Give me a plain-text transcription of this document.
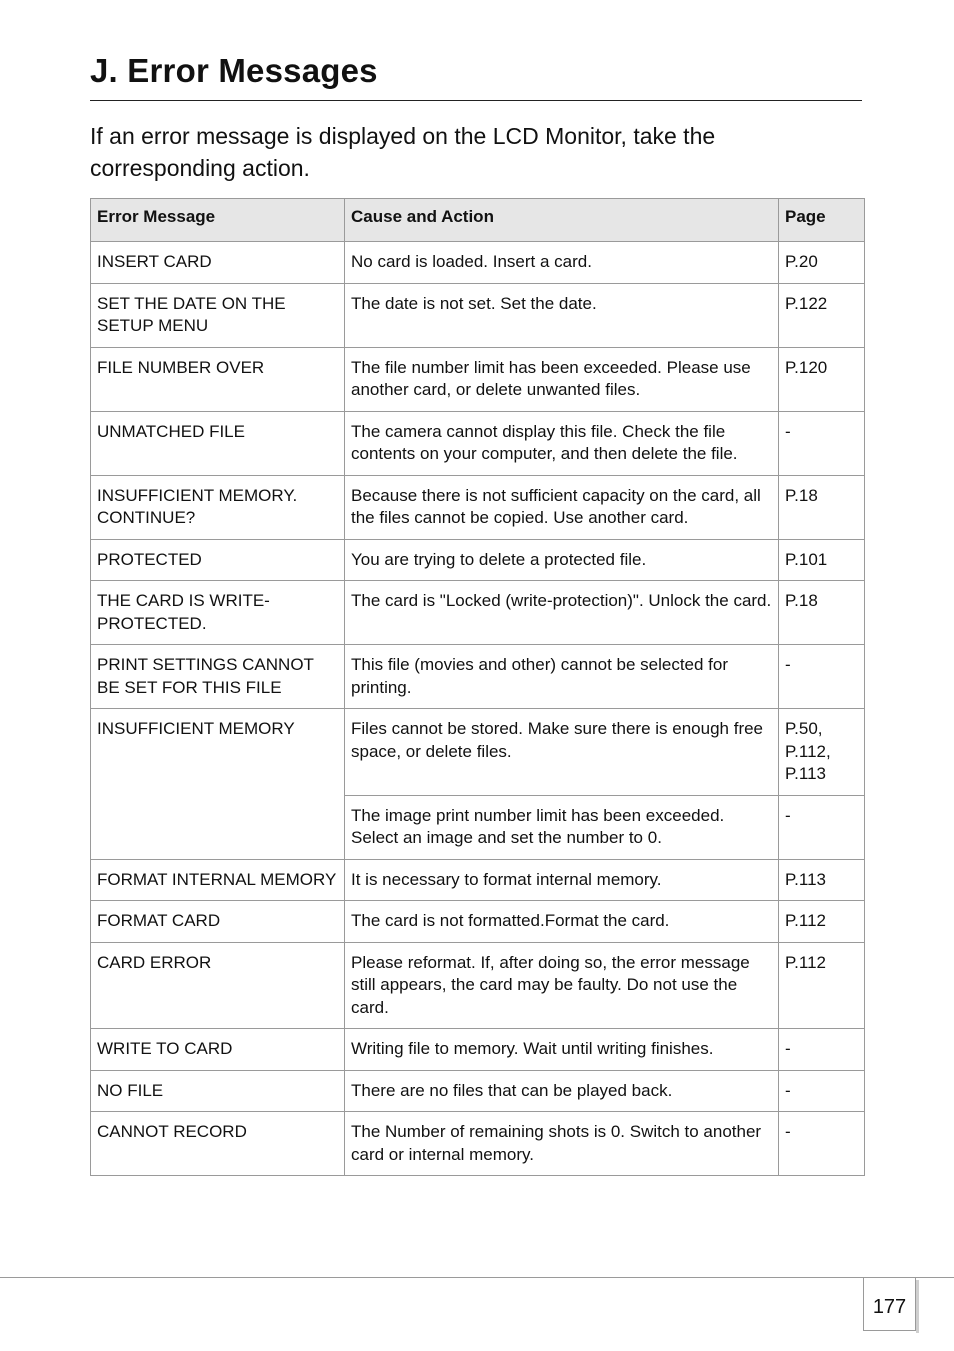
J. Error Messages

If an error message is displayed on the LCD Monitor, take the corresponding action.

Error Message	Cause and Action	Page
INSERT CARD	No card is loaded. Insert a card.	P.20
SET THE DATE ON THE SETUP MENU	The date is not set. Set the date.	P.122
FILE NUMBER OVER	The file number limit has been exceeded. Please use another card, or delete unwanted files.	P.120
UNMATCHED FILE	The camera cannot display this file. Check the file contents on your computer, and then delete the file.	-
INSUFFICIENT MEMORY. CONTINUE?	Because there is not sufficient capacity on the card, all the files cannot be copied. Use another card.	P.18
PROTECTED	You are trying to delete a protected file.	P.101
THE CARD IS WRITE-PROTECTED.	The card is "Locked (write-protection)". Unlock the card.	P.18
PRINT SETTINGS CANNOT BE SET FOR THIS FILE	This file (movies and other) cannot be selected for printing.	-
INSUFFICIENT MEMORY	Files cannot be stored. Make sure there is enough free space, or delete files.	P.50, P.112, P.113
	The image print number limit has been exceeded. Select an image and set the number to 0.	-
FORMAT INTERNAL MEMORY	It is necessary to format internal memory.	P.113
FORMAT CARD	The card is not formatted.Format the card.	P.112
CARD ERROR	Please reformat. If, after doing so, the error message still appears, the card may be faulty. Do not use the card.	P.112
WRITE TO CARD	Writing file to memory. Wait until writing finishes.	-
NO FILE	There are no files that can be played back.	-
CANNOT RECORD	The Number of remaining shots is 0. Switch to another card or internal memory.	-
177
